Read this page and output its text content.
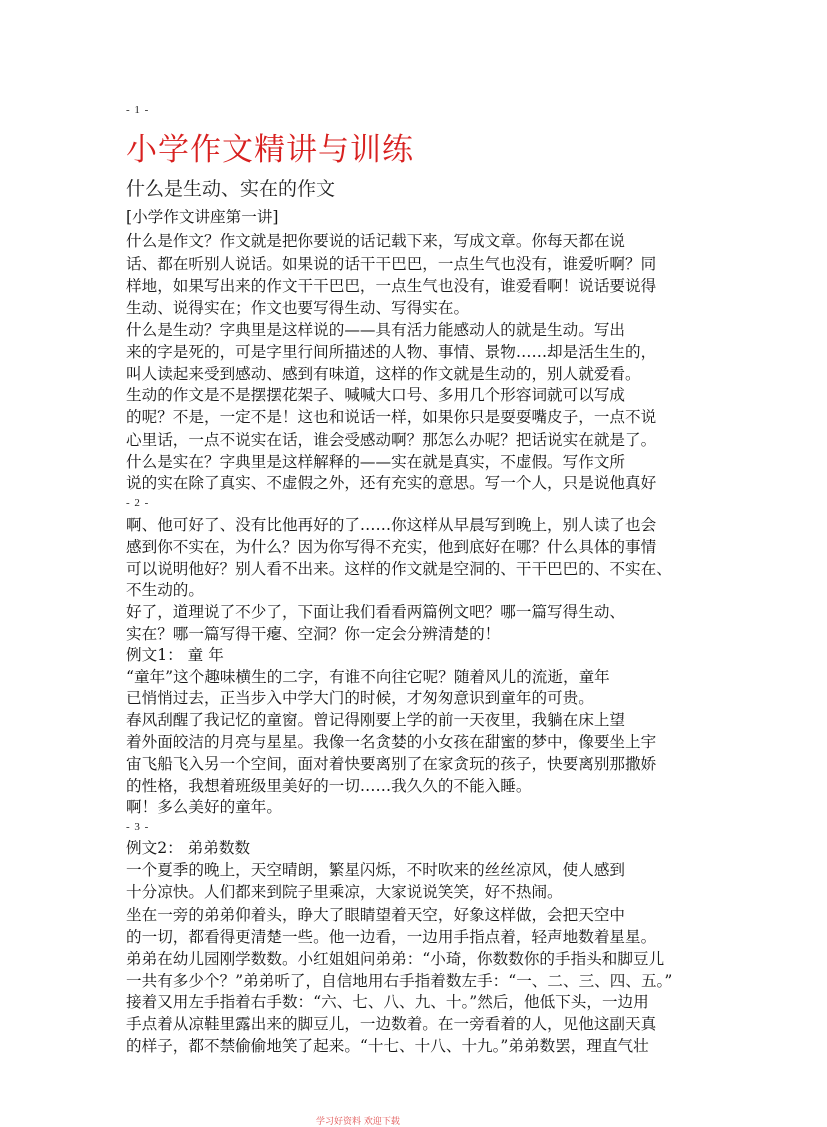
- 1 -
小学作文精讲与训练
什么是生动、实在的作文
[小学作文讲座第一讲]
什么是作文？作文就是把你要说的话记载下来，写成文章。你每天都在说
话、都在听别人说话。如果说的话干干巴巴，一点生气也没有，谁爱听啊？同
样地，如果写出来的作文干干巴巴，一点生气也没有，谁爱看啊！说话要说得
生动、说得实在；作文也要写得生动、写得实在。
什么是生动？字典里是这样说的——具有活力能感动人的就是生动。写出
来的字是死的，可是字里行间所描述的人物、事情、景物……却是活生生的，
叫人读起来受到感动、感到有味道，这样的作文就是生动的，别人就爱看。
生动的作文是不是摆摆花架子、喊喊大口号、多用几个形容词就可以写成
的呢？不是，一定不是！这也和说话一样，如果你只是耍耍嘴皮子，一点不说
心里话，一点不说实在话，谁会受感动啊？那怎么办呢？把话说实在就是了。
什么是实在？字典里是这样解释的——实在就是真实，不虚假。写作文所
说的实在除了真实、不虚假之外，还有充实的意思。写一个人，只是说他真好
- 2 -
啊、他可好了、没有比他再好的了……你这样从早晨写到晚上，别人读了也会
感到你不实在，为什么？因为你写得不充实，他到底好在哪？什么具体的事情
可以说明他好？别人看不出来。这样的作文就是空洞的、干干巴巴的、不实在、
不生动的。
好了，道理说了不少了，下面让我们看看两篇例文吧？哪一篇写得生动、
实在？哪一篇写得干瘪、空洞？你一定会分辨清楚的！
例文1： 童 年
“童年”这个趣味横生的二字，有谁不向往它呢？随着风儿的流逝，童年
已悄悄过去，正当步入中学大门的时候，才匆匆意识到童年的可贵。
春风刮醒了我记忆的童窗。曾记得刚要上学的前一天夜里，我躺在床上望
着外面皎洁的月亮与星星。我像一名贪婪的小女孩在甜蜜的梦中，像要坐上宇
宙飞船飞入另一个空间，面对着快要离别了在家贪玩的孩子，快要离别那撒娇
的性格，我想着班级里美好的一切……我久久的不能入睡。
啊！多么美好的童年。
- 3 -
例文2： 弟弟数数
一个夏季的晚上，天空晴朗，繁星闪烁，不时吹来的丝丝凉风，使人感到
十分凉快。人们都来到院子里乘凉，大家说说笑笑，好不热闹。
坐在一旁的弟弟仰着头，睁大了眼睛望着天空，好象这样做，会把天空中
的一切，都看得更清楚一些。他一边看，一边用手指点着，轻声地数着星星。
弟弟在幼儿园刚学数数。小红姐姐问弟弟：“小琦，你数数你的手指头和脚豆儿
一共有多少个？”弟弟听了，自信地用右手指着数左手：“一、二、三、四、五。”
接着又用左手指着右手数：“六、七、八、九、十。”然后，他低下头，一边用
手点着从凉鞋里露出来的脚豆儿，一边数着。在一旁看着的人，见他这副天真
的样子，都不禁偷偷地笑了起来。“十七、十八、十九。”弟弟数罢，理直气壮
学习好资料 欢迎下载
